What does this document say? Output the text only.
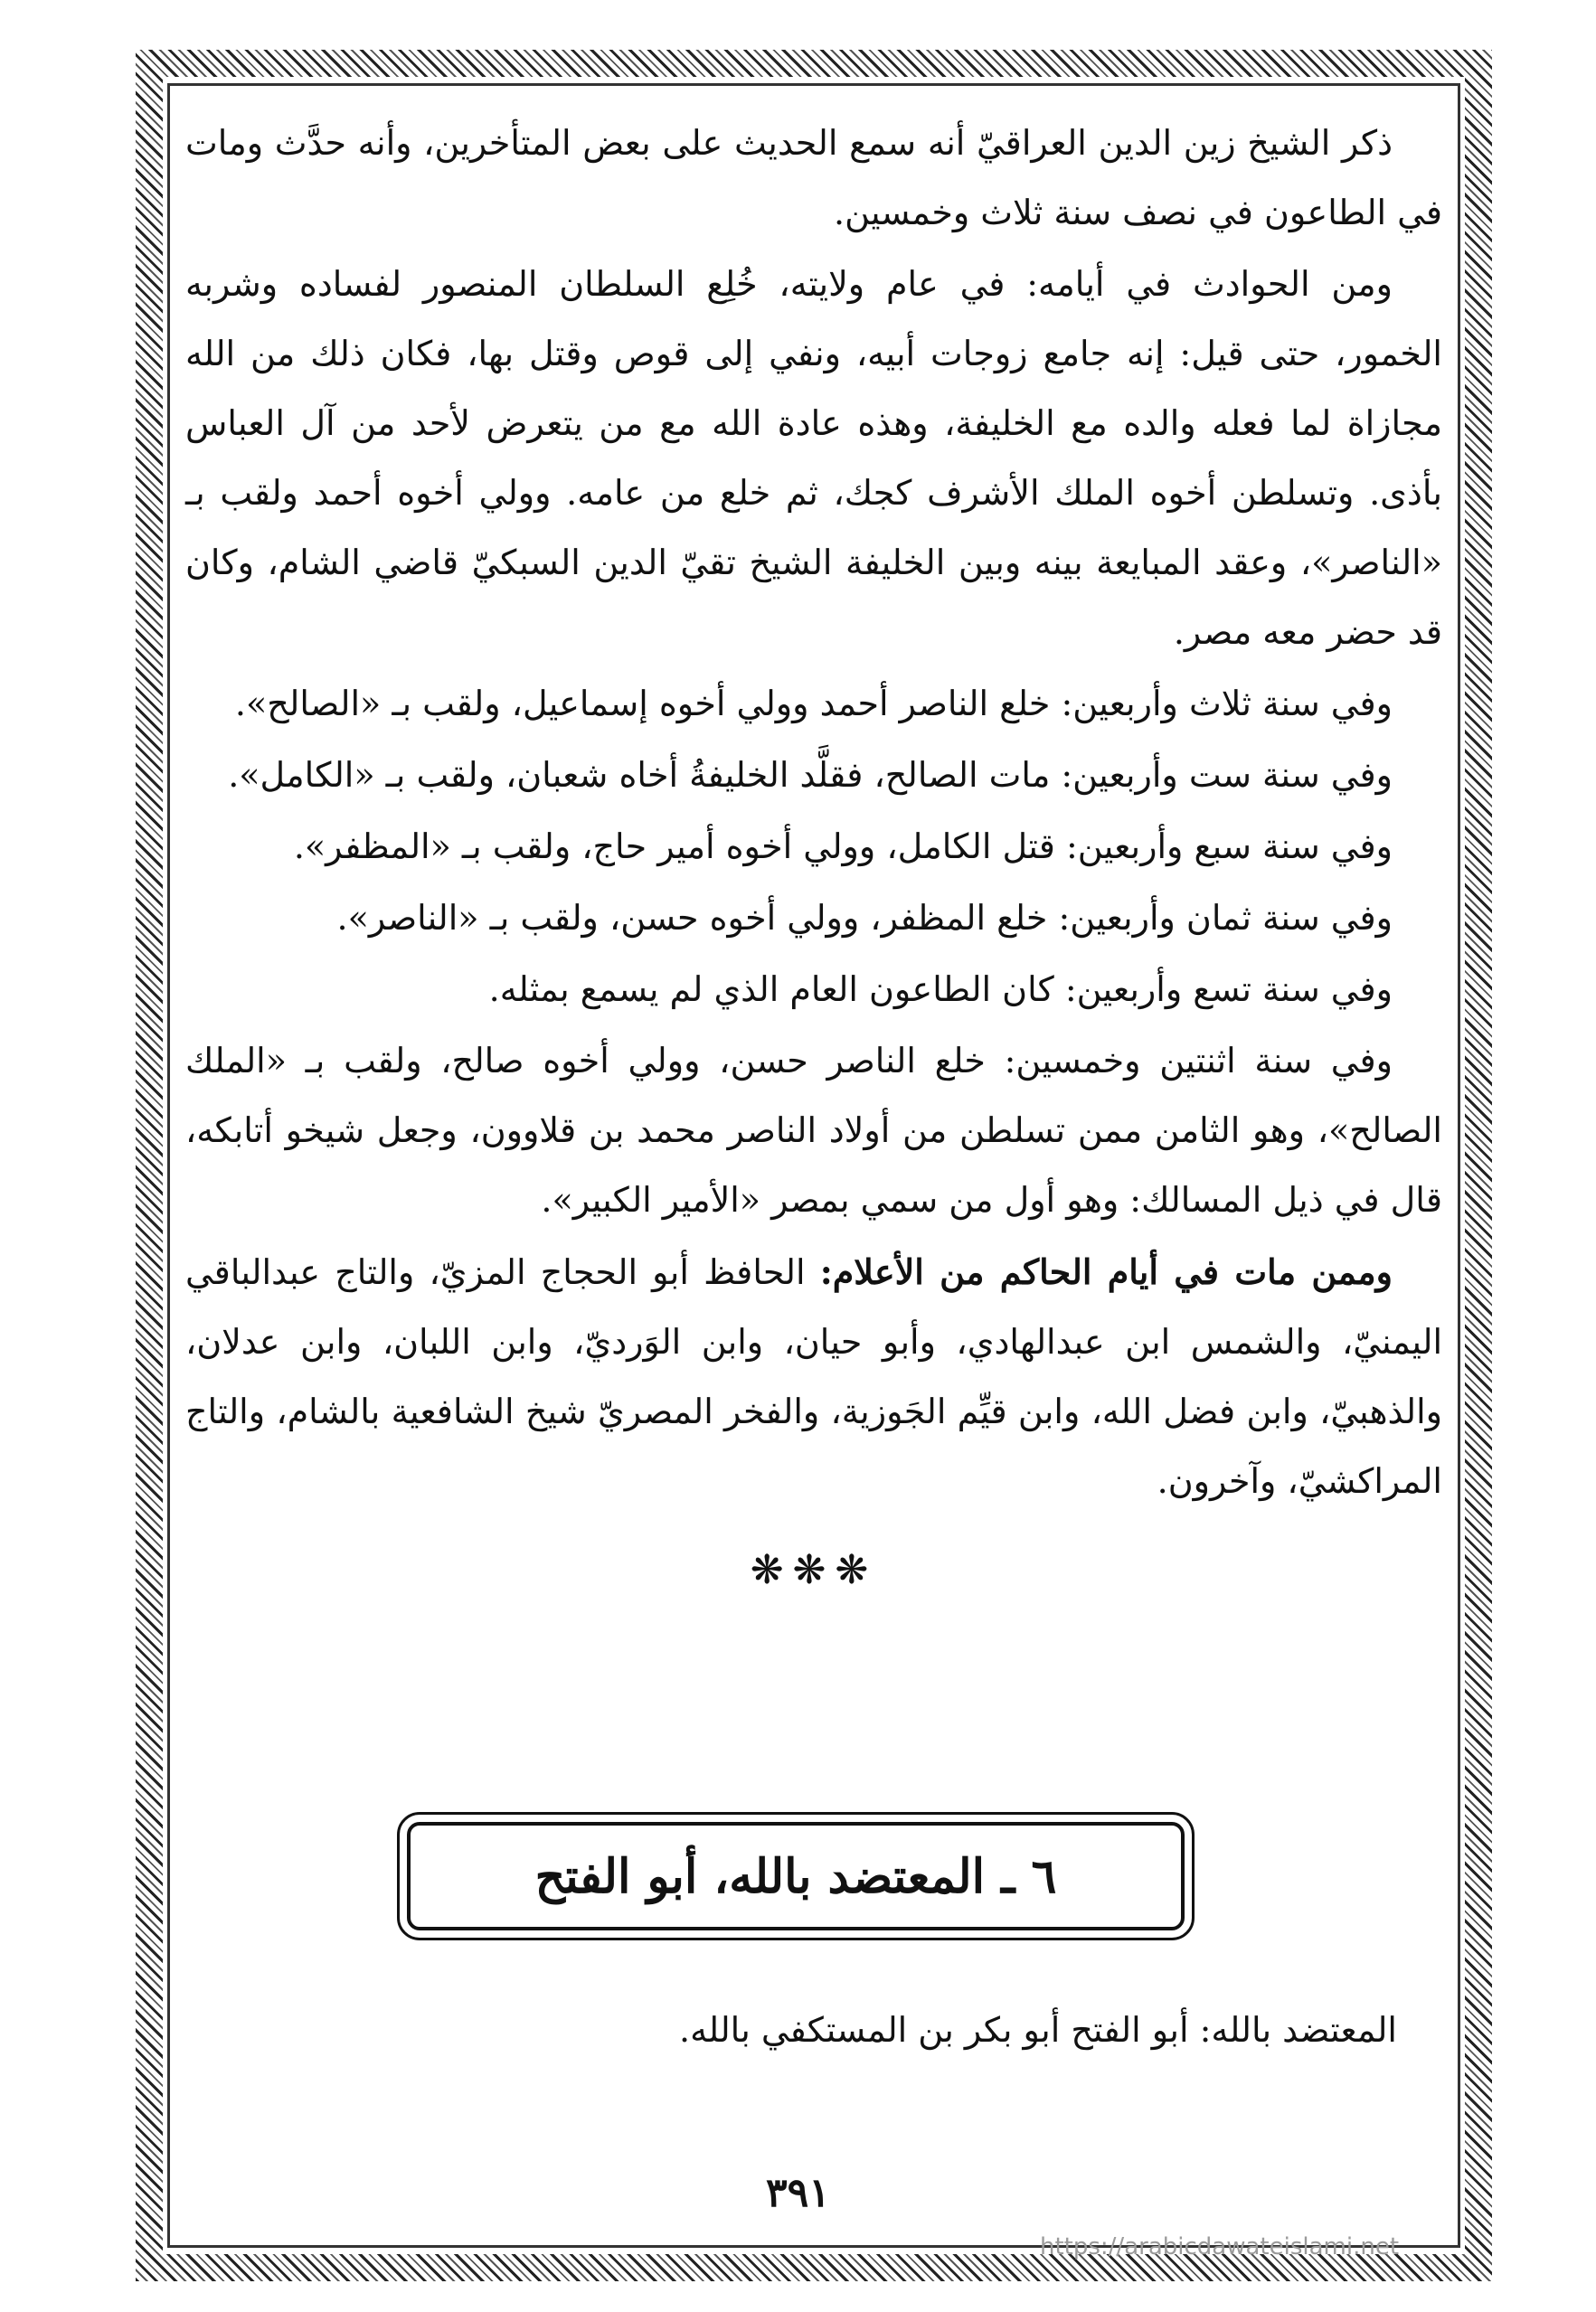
ذكر الشيخ زين الدين العراقيّ أنه سمع الحديث على بعض المتأخرين، وأنه حدَّث ومات في الطاعون في نصف سنة ثلاث وخمسين.

ومن الحوادث في أيامه: في عام ولايته، خُلِع السلطان المنصور لفساده وشربه الخمور، حتى قيل: إنه جامع زوجات أبيه، ونفي إلى قوص وقتل بها، فكان ذلك من الله مجازاة لما فعله والده مع الخليفة، وهذه عادة الله مع من يتعرض لأحد من آل العباس بأذى. وتسلطن أخوه الملك الأشرف كجك، ثم خلع من عامه. وولي أخوه أحمد ولقب بـ «الناصر»، وعقد المبايعة بينه وبين الخليفة الشيخ تقيّ الدين السبكيّ قاضي الشام، وكان قد حضر معه مصر.

وفي سنة ثلاث وأربعين: خلع الناصر أحمد وولي أخوه إسماعيل، ولقب بـ «الصالح».

وفي سنة ست وأربعين: مات الصالح، فقلَّد الخليفةُ أخاه شعبان، ولقب بـ «الكامل».

وفي سنة سبع وأربعين: قتل الكامل، وولي أخوه أمير حاج، ولقب بـ «المظفر».

وفي سنة ثمان وأربعين: خلع المظفر، وولي أخوه حسن، ولقب بـ «الناصر».

وفي سنة تسع وأربعين: كان الطاعون العام الذي لم يسمع بمثله.

وفي سنة اثنتين وخمسين: خلع الناصر حسن، وولي أخوه صالح، ولقب بـ «الملك الصالح»، وهو الثامن ممن تسلطن من أولاد الناصر محمد بن قلاوون، وجعل شيخو أتابكه، قال في ذيل المسالك: وهو أول من سمي بمصر «الأمير الكبير».

وممن مات في أيام الحاكم من الأعلام: الحافظ أبو الحجاج المزيّ، والتاج عبدالباقي اليمنيّ، والشمس ابن عبدالهادي، وأبو حيان، وابن الوَرديّ، وابن اللبان، وابن عدلان، والذهبيّ، وابن فضل الله، وابن قيِّم الجَوزية، والفخر المصريّ شيخ الشافعية بالشام، والتاج المراكشيّ، وآخرون.

❋❋❋
٦ ـ المعتضد بالله، أبو الفتح
المعتضد بالله: أبو الفتح أبو بكر بن المستكفي بالله.
٣٩١
https://arabicdawateislami.net
